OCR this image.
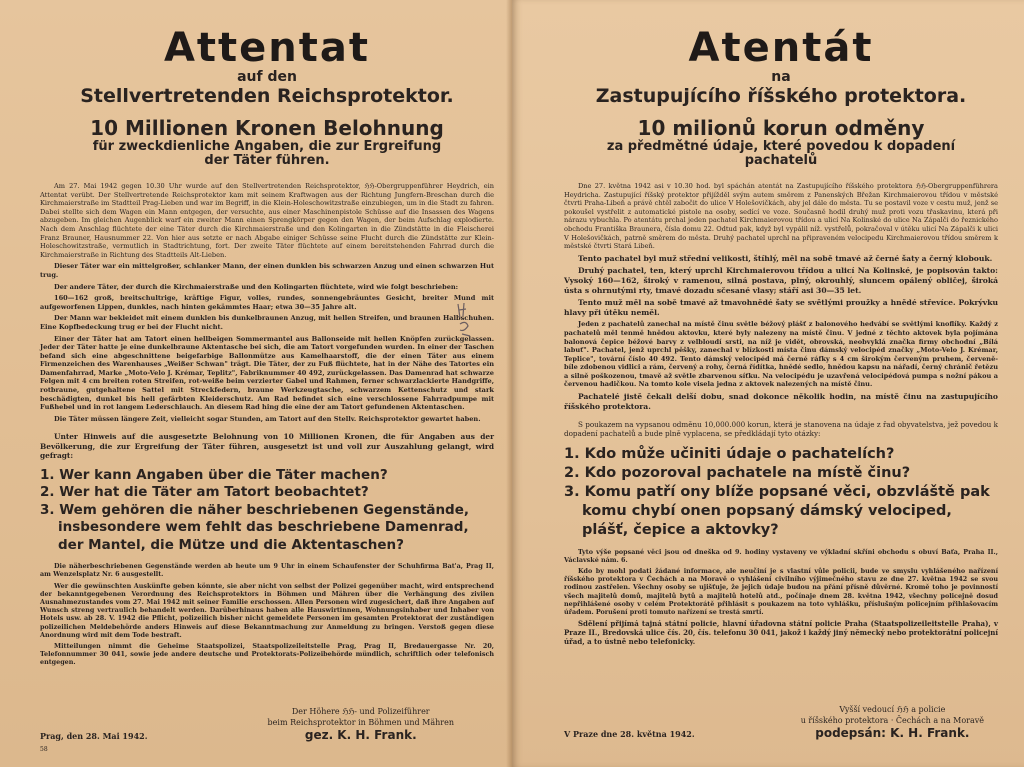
Attentat
auf den
Stellvertretenden Reichsprotektor.
10 Millionen Kronen Belohnung
für zweckdienliche Angaben, die zur Ergreifung der Täter führen.
Am 27. Mai 1942 gegen 10.30 Uhr wurde auf den Stellvertretenden Reichsprotektor, ℌℌ-Obergruppenführer Heydrich, ein Attentat verübt. Der Stellvertretende Reichsprotektor kam mit seinem Kraftwagen aus der Richtung Jungfern-Breschan durch die Kirchmaierstraße im Stadtteil Prag-Lieben und war im Begriff, in die Klein-Holeschowitzstraße einzubiegen, um in die Stadt zu fahren. Dabei stellte sich dem Wagen ein Mann entgegen, der versuchte, aus einer Maschinenpistole Schüsse auf die Insassen des Wagens abzugeben. Im gleichen Augenblick warf ein zweiter Mann einen Sprengkörper gegen den Wagen, der beim Aufschlag explodierte. Nach dem Anschlag flüchtete der eine Täter durch die Kirchmaierstraße und den Kolingarten in die Zündstätte in die Fleischerei Franz Brauner, Hausnummer 22. Von hier aus setzte er nach Abgabe einiger Schüsse seine Flucht durch die Zündstätte zur Klein-Holeschowitzstraße, vermutlich in Stadtrichtung, fort. Der zweite Täter flüchtete auf einem bereitstehenden Fahrrad durch die Kirchmaierstraße in Richtung des Stadtteils Alt-Lieben.
Dieser Täter war ein mittelgroßer, schlanker Mann, der einen dunklen bis schwarzen Anzug und einen schwarzen Hut trug.
Der andere Täter, der durch die Kirchmaierstraße und den Kolingarten flüchtete, wird wie folgt beschrieben:
160—162 groß, breitschultrige, kräftige Figur, volles, rundes, sonnengebräuntes Gesicht, breiter Mund mit aufgeworfenen Lippen, dunkles, nach hinten gekämmtes Haar; etwa 30—35 Jahre alt.
Der Mann war bekleidet mit einem dunklen bis dunkelbraunen Anzug, mit hellen Streifen, und braunen Halbschuhen. Eine Kopfbedeckung trug er bei der Flucht nicht.
Einer der Täter hat am Tatort einen hellbeigen Sommermantel aus Ballonseide mit hellen Knöpfen zurückgelassen. Jeder der Täter hatte je eine dunkelbraune Aktentasche bei sich, die am Tatort vorgefunden wurden. In einer der Taschen befand sich eine abgeschnittene beigefarbige Ballonmütze aus Kamelhaarstoff, die der einen Täter aus einem Firmenzeichen des Warenhauses „Weißer Schwan" trägt. Die Täter, der zu Fuß flüchtete, hat in der Nähe des Tatortes ein Damenfahrrad, Marke „Moto-Velo J. Krémar, Teplitz", Fabriknummer 40 492, zurückgelassen. Das Damenrad hat schwarze Felgen mit 4 cm breiten roten Streifen, rot-weiße beim verzierter Gabel und Rahmen, ferner schwarzlackierte Handgriffe, rotbraune, gutgehaltene Sattel mit Streckfedern, braune Werkzeugtasche, schwarzem Kettenschutz und stark beschädigten, dunkel bis hell gefärbten Kleiderschutz. Am Rad befindet sich eine verschlossene Fahrradpumpe mit Fußhebel und in rot langem Lederschlauch. An diesem Rad hing die eine der am Tatort gefundenen Aktentaschen.
Die Täter müssen längere Zeit, vielleicht sogar Stunden, am Tatort auf den Stellv. Reichsprotektor gewartet haben.
Unter Hinweis auf die ausgesetzte Belohnung von 10 Millionen Kronen, die für Angaben aus der Bevölkerung, die zur Ergreifung der Täter führen, ausgesetzt ist und voll zur Auszahlung gelangt, wird gefragt:
1. Wer kann Angaben über die Täter machen?
2. Wer hat die Täter am Tatort beobachtet?
3. Wem gehören die näher beschriebenen Gegenstände, insbesondere wem fehlt das beschriebene Damenrad, der Mantel, die Mütze und die Aktentaschen?
Die näherbeschriebenen Gegenstände werden ab heute um 9 Uhr in einem Schaufenster der Schuhfirma Bat'a, Prag II, am Wenzelsplatz Nr. 6 ausgestellt.
Wer die gewünschten Auskünfte geben könnte, sie aber nicht von selbst der Polizei gegenüber macht, wird entsprechend der bekanntgegebenen Verordnung des Reichsprotektors in Böhmen und Mähren über die Verhängung des zivilen Ausnahmezustandes vom 27. Mai 1942 mit seiner Familie erschossen. Allen Personen wird zugesichert, daß ihre Angaben auf Wunsch streng vertraulich behandelt werden. Darüberhinaus haben alle Hauswirtinnen, Wohnungsinhaber und Inhaber von Hotels usw. ab 28. V. 1942 die Pflicht, polizeilich bisher nicht gemeldete Personen im gesamten Protektorat der zuständigen polizeilichen Meldebehörde anders Hinweis auf diese Bekanntmachung zur Anmeldung zu bringen. Verstoß gegen diese Anordnung wird mit dem Tode bestraft.
Mitteilungen nimmt die Geheime Staatspolizei, Staatspolizeileitstelle Prag, Prag II, Bredauergasse Nr. 20, Telefonnummer 30 041, sowie jede andere deutsche und Protektorats-Polizeibehörde mündlich, schriftlich oder telefonisch entgegen.
Prag, den 28. Mai 1942.
Der Höhere ℌℌ- und Polizeiführer
beim Reichsprotektor in Böhmen und Mähren
gez. K. H. Frank.
58
Atentát
na
Zastupujícího říšského protektora.
10 milionů korun odměny
za předmětné údaje, které povedou k dopadení pachatelů
Dne 27. května 1942 asi v 10.30 hod. byl spáchán atentát na Zastupujícího říšského protektora ℌℌ-Obergruppenführera Heydricha. Zastupující říšský protektor přijížděl svým autem směrem z Panenských Břežan Kirchmaierovou třídou v městské čtvrti Praha-Libeň a právě chtěl zabočit do ulice V Holešovičkách, aby jel dále do města. Tu se postavil voze v cestu muž, jenž se pokoušel vystřelit z automatické pistole na osoby, sedící ve voze. Současně hodil druhý muž proti vozu třaskavinu, která při nárazu vybuchla. Po atentátu prchal jeden pachatel Kirchmaierovou třídou a ulicí Na Kolinské do ulice Na Zápalči do řeznického obchodu Františka Braunera, čísla domu 22. Odtud pak, když byl vypálil níž. vystřelů, pokračoval v útěku ulicí Na Zápalči k ulici V Holešovičkách, patrně směrem do města. Druhý pachatel uprchl na připraveném velocipedu Kirchmaierovou třídou směrem k městské čtvrti Stará Libeň.
Tento pachatel byl muž střední velikosti, štíhlý, měl na sobě tmavé až černé šaty a černý klobouk.
Druhý pachatel, ten, který uprchl Kirchmaierovou třídou a ulicí Na Kolinské, je popisován takto: Vysoký 160—162, široký v ramenou, silná postava, plný, okrouhlý, sluncem opálený obličej, široká ústa s ohrnutými rty, tmavé dozadu sčesané vlasy; stáří asi 30—35 let.
Tento muž měl na sobě tmavé až tmavohnědé šaty se světlými proužky a hnědé střevíce. Pokrývku hlavy při útěku neměl.
Jeden z pachatelů zanechal na místě činu světle béžový plášť z balonového hedvábí se světlými knoflíky. Každý z pachatelů měl tenmě hnědou aktovku, které byly nalezeny na místě činu. V jedné z těchto aktovek byla pojímána balonová čepice béžové barvy z velbloudí srsti, na níž je vidět, obrovská, neobvyklá značka firmy obchodní „Bílá labuť". Pachatel, jenž uprchl pěšky, zanechal v blízkosti místa činu dámský velocipéd značky „Moto-Velo J. Krémar, Teplice", tovární číslo 40 492. Tento dámský velocipéd má černé ráfky s 4 cm širokým červeným pruhem, červeně-bíle zdobenou vidlici a rám, červený a rohy, černá řídítka, hnědé sedlo, hnědou kapsu na nářadí, černý chránič řetězu a silně poškozenou, tmavě až světle zbarvenou síťku. Na velocipédu je uzavřená velocipédová pumpa s nožní pákou a červenou hadičkou. Na tomto kole visela jedna z aktovek nalezených na místě činu.
Pachatelé jistě čekali delší dobu, snad dokonce několik hodin, na místě činu na zastupujícího říšského protektora.
S poukazem na vypsanou odměnu 10,000.000 korun, která je stanovena na údaje z řad obyvatelstva, jež povedou k dopadení pachatelů a bude plně vyplacena, se předkládají tyto otázky:
1. Kdo může učiniti údaje o pachatelích?
2. Kdo pozoroval pachatele na místě činu?
3. Komu patří ony blíže popsané věci, obzvláště pak komu chybí onen popsaný dámský velociped, plášť, čepice a aktovky?
Tyto výše popsané věci jsou od dneška od 9. hodiny vystaveny ve výkladní skříni obchodu s obuví Baťa, Praha II., Václavské nám. 6.
Kdo by mohl podati žádané informace, ale neučiní je s vlastní vůle policii, bude ve smyslu vyhlášeného nařízení říšského protektora v Čechách a na Moravě o vyhlášení civilního výjimečného stavu ze dne 27. května 1942 se svou rodinou zastřelen. Všechny osoby se ujišťuje, že jejich údaje budou na přání přísně důvěrné. Kromě toho je povinností všech majitelů domů, majitelů bytů a majitelů hotelů atd., počínaje dnem 28. května 1942, všechny policejně dosud nepřihlášené osoby v celém Protektorátě přihlásit s poukazem na toto vyhlášku, příslušným policejním přihlašovacím úřadem. Porušení proti tomuto nařízení se trestá smrtí.
Sdělení přijímá tajná státní policie, hlavní úřadovna státní policie Praha (Staatspolizeileitstelle Praha), v Praze II., Bredovská ulice čís. 20, čís. telefonu 30 041, jakož i každý jiný německý nebo protektorátní policejní úřad, a to ústně nebo telefonicky.
V Praze dne 28. května 1942.
Vyšší vedoucí ℌℌ a policie
u říšského protektora · Čechách a na Moravě
podepsán: K. H. Frank.
